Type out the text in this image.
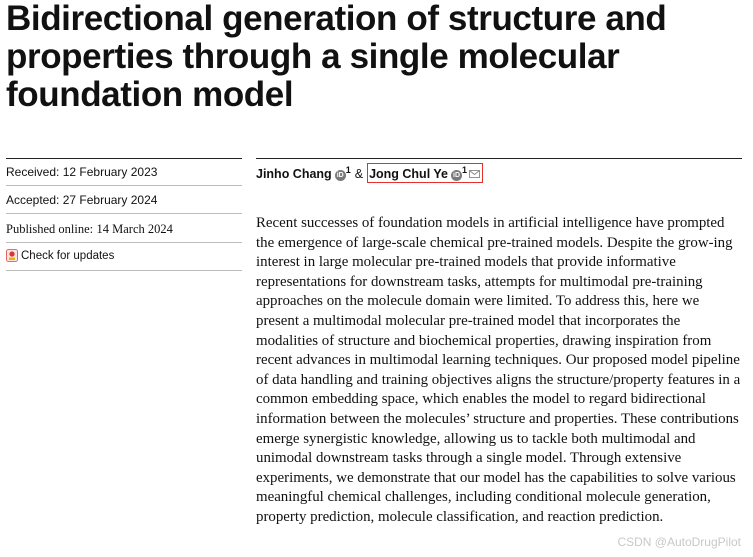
Bidirectional generation of structure and properties through a single molecular foundation model
Received: 12 February 2023
Accepted: 27 February 2024
Published online: 14 March 2024
Check for updates
Jinho Chang $iD^1$ & Jong Chul Ye $iD^1$

Recent successes of foundation models in artificial intelligence have prompted the emergence of large-scale chemical pre-trained models. Despite the grow-ing interest in large molecular pre-trained models that provide informative representations for downstream tasks, attempts for multimodal pre-training approaches on the molecule domain were limited. To address this, here we present a multimodal molecular pre-trained model that incorporates the modalities of structure and biochemical properties, drawing inspiration from recent advances in multimodal learning techniques. Our proposed model pipeline of data handling and training objectives aligns the structure/property features in a common embedding space, which enables the model to regard bidirectional information between the molecules’ structure and properties. These contributions emerge synergistic knowledge, allowing us to tackle both multimodal and unimodal downstream tasks through a single model. Through extensive experiments, we demonstrate that our model has the capabilities to solve various meaningful chemical challenges, including conditional molecule generation, property prediction, molecule classification, and reaction prediction.

CSDN @AutoDrugPilot
